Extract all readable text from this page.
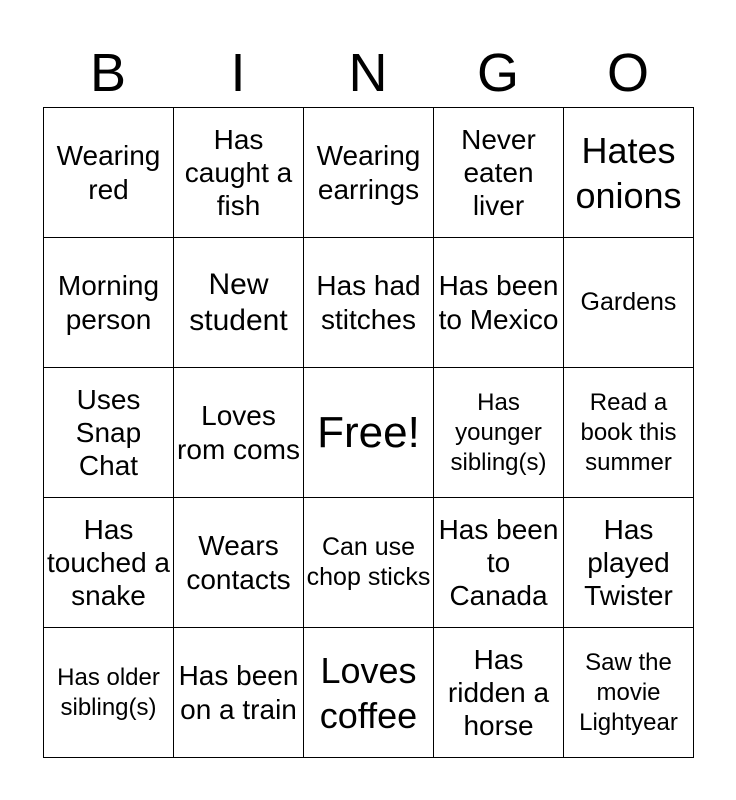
B	I	N	G	O
Wearing red	Has caught a fish	Wearing earrings	Never eaten liver	Hates onions

Morning person	New student	Has had stitches	Has been to Mexico	Gardens

Uses Snap Chat	Loves rom coms	Free!	Has younger sibling(s)	Read a book this summer

Has touched a snake	Wears contacts	Can use chop sticks	Has been to Canada	Has played Twister

Has older sibling(s)	Has been on a train	Loves coffee	Has ridden a horse	Saw the movie Lightyear
